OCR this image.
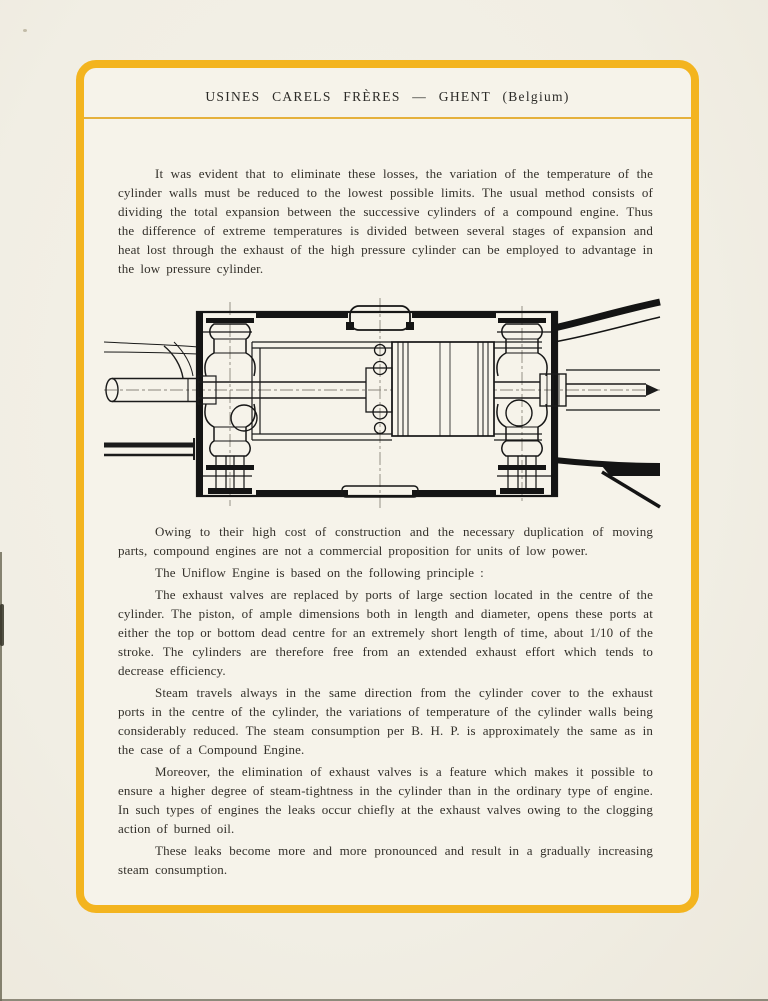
USINES CARELS FRÈRES — GHENT (Belgium)

It was evident that to eliminate these losses, the variation of the temperature of the cylinder walls must be reduced to the lowest possible limits. The usual method consists of dividing the total expansion between the successive cylinders of a compound engine. Thus the difference of extreme temperatures is divided between several stages of expansion and heat lost through the exhaust of the high pressure cylinder can be employed to advantage in the low pressure cylinder.

Owing to their high cost of construction and the necessary duplication of moving parts, compound engines are not a commercial proposition for units of low power.

The Uniflow Engine is based on the following principle :

The exhaust valves are replaced by ports of large section located in the centre of the cylinder. The piston, of ample dimensions both in length and diameter, opens these ports at either the top or bottom dead centre for an extremely short length of time, about 1/10 of the stroke. The cylinders are therefore free from an extended exhaust effort which tends to decrease efficiency.

Steam travels always in the same direction from the cylinder cover to the exhaust ports in the centre of the cylinder, the variations of temperature of the cylinder walls being considerably reduced. The steam consumption per B. H. P. is approximately the same as in the case of a Compound Engine.

Moreover, the elimination of exhaust valves is a feature which makes it possible to ensure a higher degree of steam-tightness in the cylinder than in the ordinary type of engine. In such types of engines the leaks occur chiefly at the exhaust valves owing to the clogging action of burned oil.

These leaks become more and more pronounced and result in a gradually increasing steam consumption.
